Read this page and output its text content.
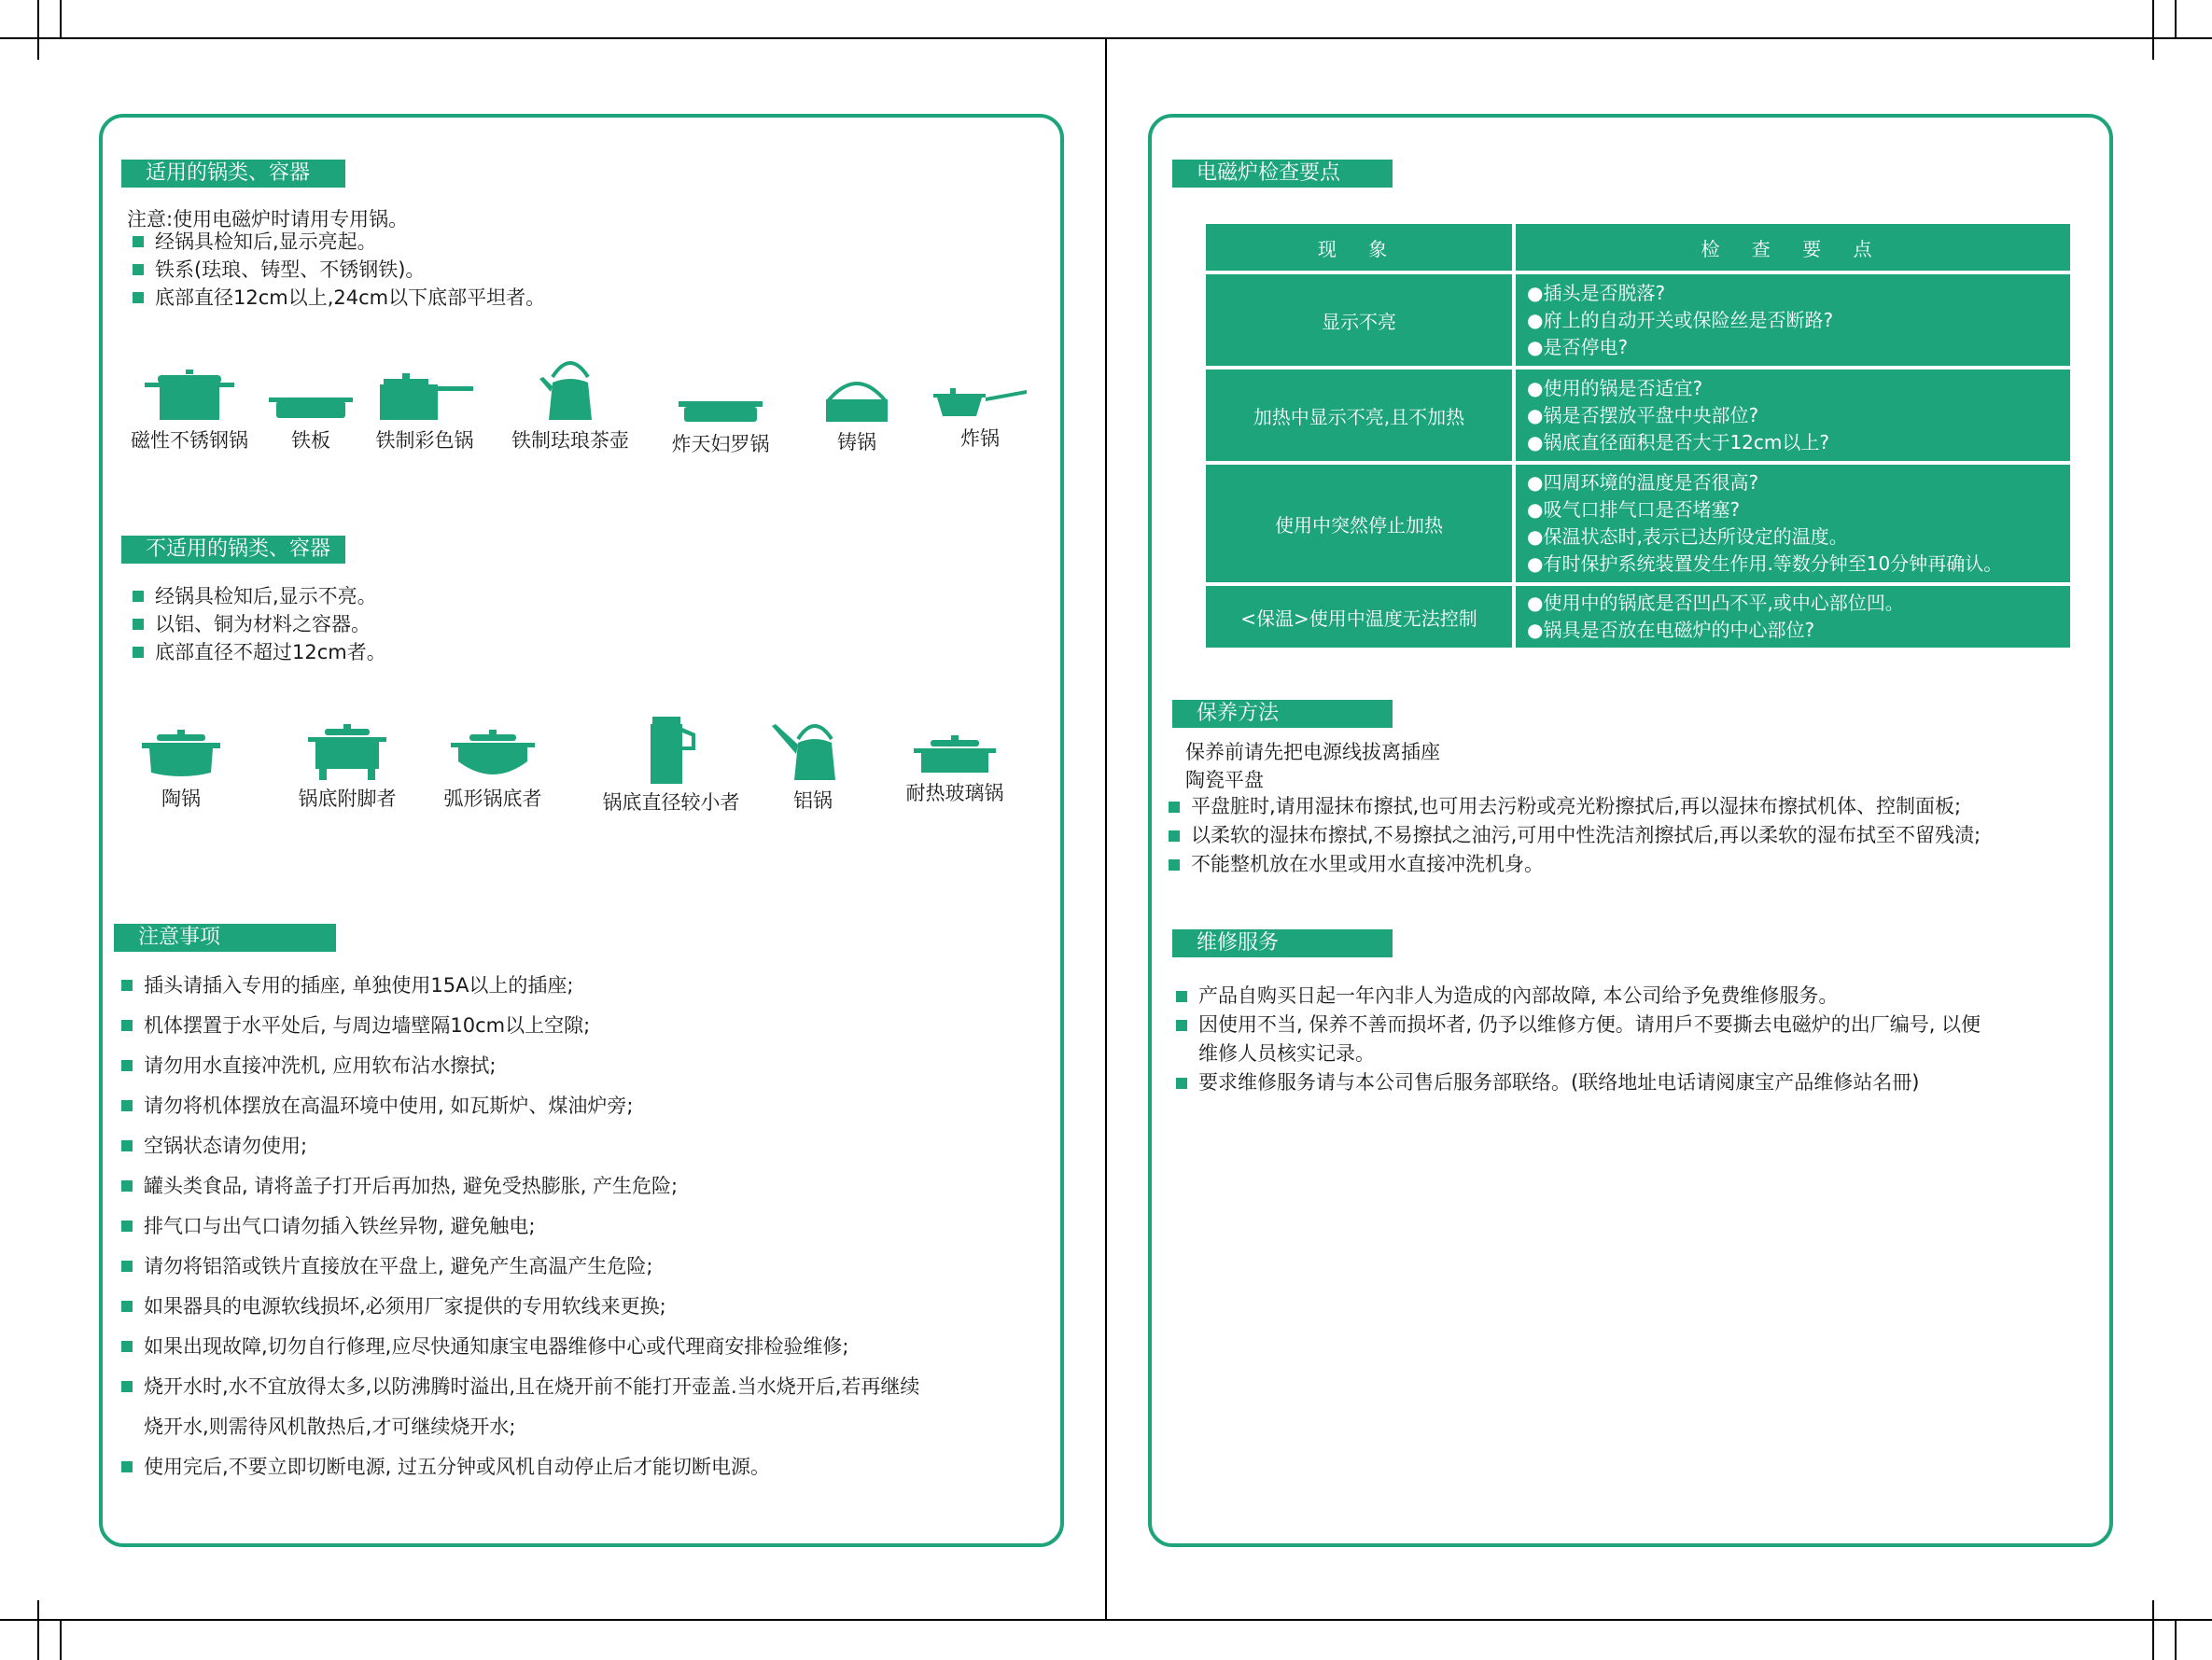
适用的锅类、容器
注意:使用电磁炉时请用专用锅。
经锅具检知后,显示亮起。
铁系(珐琅、铸型、不锈钢铁)。
底部直径12cm以上,24cm以下底部平坦者。
磁性不锈钢锅	铁板	铁制彩色锅	铁制珐琅茶壶	炸天妇罗锅	铸锅	炸锅
不适用的锅类、容器
经锅具检知后,显示不亮。
以铝、铜为材料之容器。
底部直径不超过12cm者。
陶锅	锅底附脚者	弧形锅底者	锅底直径较小者	铝锅	耐热玻璃锅
注意事项
插头请插入专用的插座, 单独使用15A以上的插座;
机体摆置于水平处后, 与周边墙壁隔10cm以上空隙;
请勿用水直接冲洗机, 应用软布沾水擦拭;
请勿将机体摆放在高温环境中使用, 如瓦斯炉、煤油炉旁;
空锅状态请勿使用;
罐头类食品, 请将盖子打开后再加热, 避免受热膨胀, 产生危险;
排气口与出气口请勿插入铁丝异物, 避免触电;
请勿将铝箔或铁片直接放在平盘上, 避免产生高温产生危险;
如果器具的电源软线损坏,必须用厂家提供的专用软线来更换;
如果出现故障,切勿自行修理,应尽快通知康宝电器维修中心或代理商安排检验维修;
烧开水时,水不宜放得太多,以防沸腾时溢出,且在烧开前不能打开壶盖.当水烧开后,若再继续
烧开水,则需待风机散热后,才可继续烧开水;
使用完后,不要立即切断电源, 过五分钟或风机自动停止后才能切断电源。
电磁炉检查要点
现 象	检 查 要 点
显示不亮	●插头是否脱落?
●府上的自动开关或保险丝是否断路?
●是否停电?

加热中显示不亮,且不加热	●使用的锅是否适宜?
●锅是否摆放平盘中央部位?
●锅底直径面积是否大于12cm以上?

使用中突然停止加热	●四周环境的温度是否很高?
●吸气口排气口是否堵塞?
●保温状态时,表示已达所设定的温度。
●有时保护系统装置发生作用.等数分钟至10分钟再确认。

<保温>使用中温度无法控制	●使用中的锅底是否凹凸不平,或中心部位凹。
●锅具是否放在电磁炉的中心部位?
保养方法
保养前请先把电源线拔离插座
陶瓷平盘
平盘脏时,请用湿抹布擦拭,也可用去污粉或亮光粉擦拭后,再以湿抹布擦拭机体、控制面板;
以柔软的湿抹布擦拭,不易擦拭之油污,可用中性洗洁剂擦拭后,再以柔软的湿布拭至不留残渍;
不能整机放在水里或用水直接冲洗机身。
维修服务
产品自购买日起一年內非人为造成的內部故障, 本公司给予免费维修服务。
因使用不当, 保养不善而损坏者, 仍予以维修方便。请用戶不要撕去电磁炉的出厂编号, 以便
维修人员核实记录。
要求维修服务请与本公司售后服务部联络。(联络地址电话请阅康宝产品维修站名冊)
